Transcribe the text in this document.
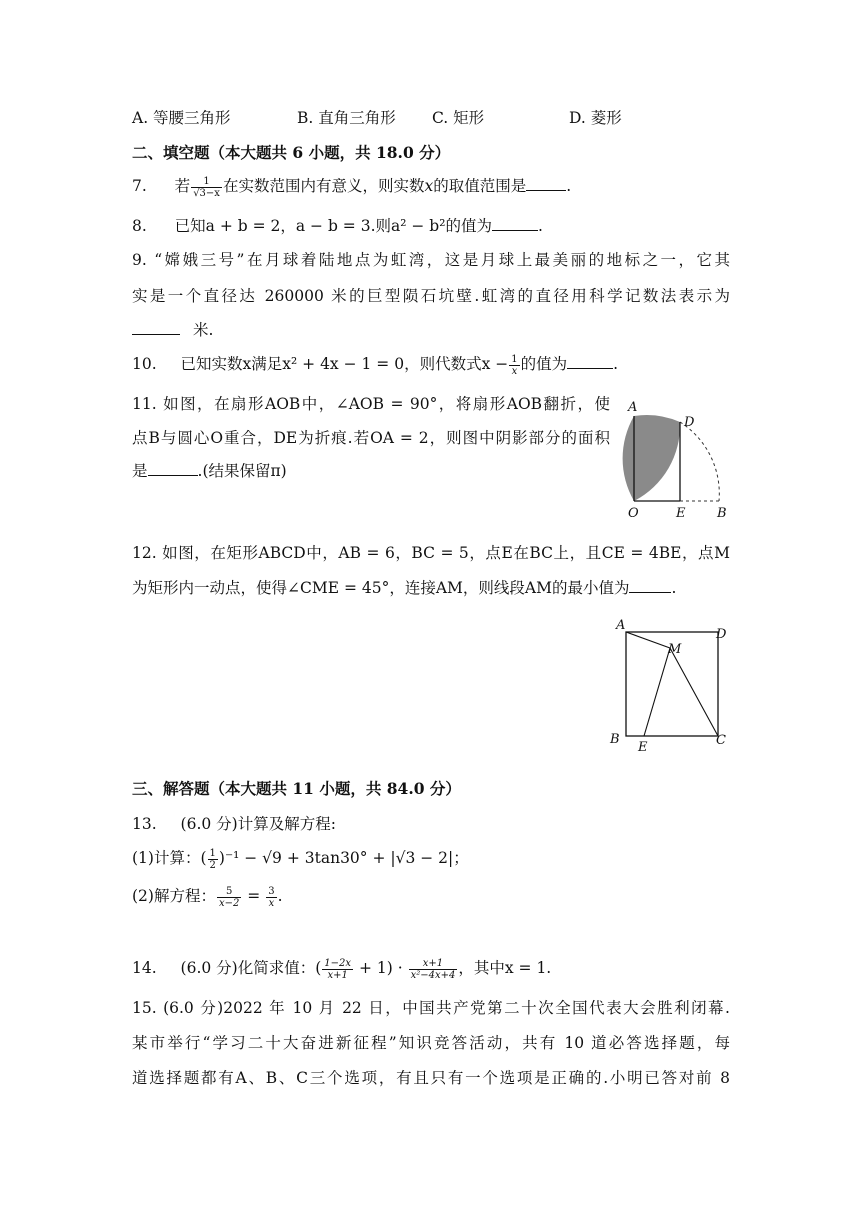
A. 等腰三角形	B. 直角三角形 C. 矩形	D. 菱形
二、填空题（本大题共 6 小题，共 18.0 分）
7. 若 $\frac{1}{√3-x}$ 在实数范围内有意义，则实数x的取值范围是	.
8. 已知a + b = 2，a − b = 3.则a² − b²的值为	.
9. “嫦娥三号”在月球着陆地点为虹湾，这是月球上最美丽的地标之一，它其
实是一个直径达 260000 米的巨型陨石坑壁.虹湾的直径用科学记数法表示为
米.
10. 已知实数x满足x² + 4x − 1 = 0，则代数式$x - \frac{1}{x}$ 的值为	.
11. 如图，在扇形AOB中，∠AOB = 90°，将扇形AOB翻折，使
点B与圆心O重合，DE为折痕.若OA = 2，则图中阴影部分的面积
是	.(结果保留π)
A
D
O	E B
12. 如图，在矩形ABCD中，AB = 6，BC = 5，点E在BC上，且CE = 4BE，点M
为矩形内一动点，使得∠CME = 45°，连接AM，则线段AM的最小值为	.
A
D
M
B
E	C
三、解答题（本大题共 11 小题，共 84.0 分）
13. (6.0 分)计算及解方程:
(1)计算：( $\frac{1}{2} )^{-1} - √9 + 3\tan 30^\circ + |√3 - 2|$；
(2)解方程： $\frac{5}{x-2} = \frac{3}{x}$ .
14. (6.0 分)化简求值：( $\frac{1-2x}{x+1} + 1) \cdot \frac{x+1}{\text{x²−4x+4}}$ ，其中x = 1.
15. (6.0 分)2022 年 10 月 22 日，中国共产党第二十次全国代表大会胜利闭幕.
某市举行“学习二十大奋进新征程”知识竞答活动，共有 10 道必答选择题，每
道选择题都有A、B、C三个选项，有且只有一个选项是正确的.小明已答对前 8
